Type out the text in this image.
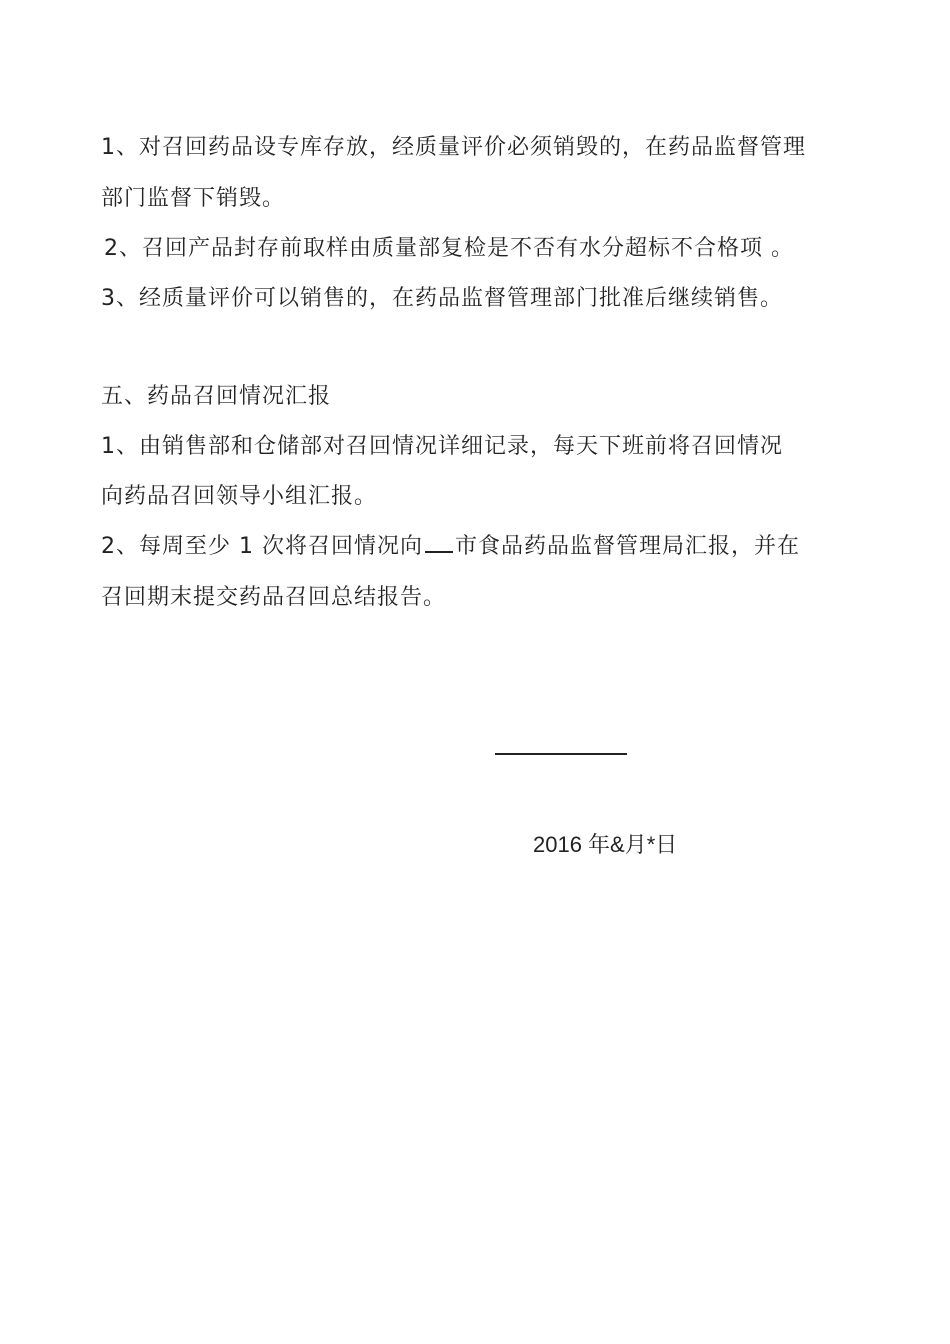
1、对召回药品设专库存放，经质量评价必须销毁的，在药品监督管理
部门监督下销毁。
2、召回产品封存前取样由质量部复检是不否有水分超标不合格项 。
3、经质量评价可以销售的，在药品监督管理部门批准后继续销售。
五、药品召回情况汇报
1、由销售部和仓储部对召回情况详细记录，每天下班前将召回情况
向药品召回领导小组汇报。
2、每周至少 1 次将召回情况向 市食品药品监督管理局汇报，并在
召回期末提交药品召回总结报告。
2016 年&月*日
